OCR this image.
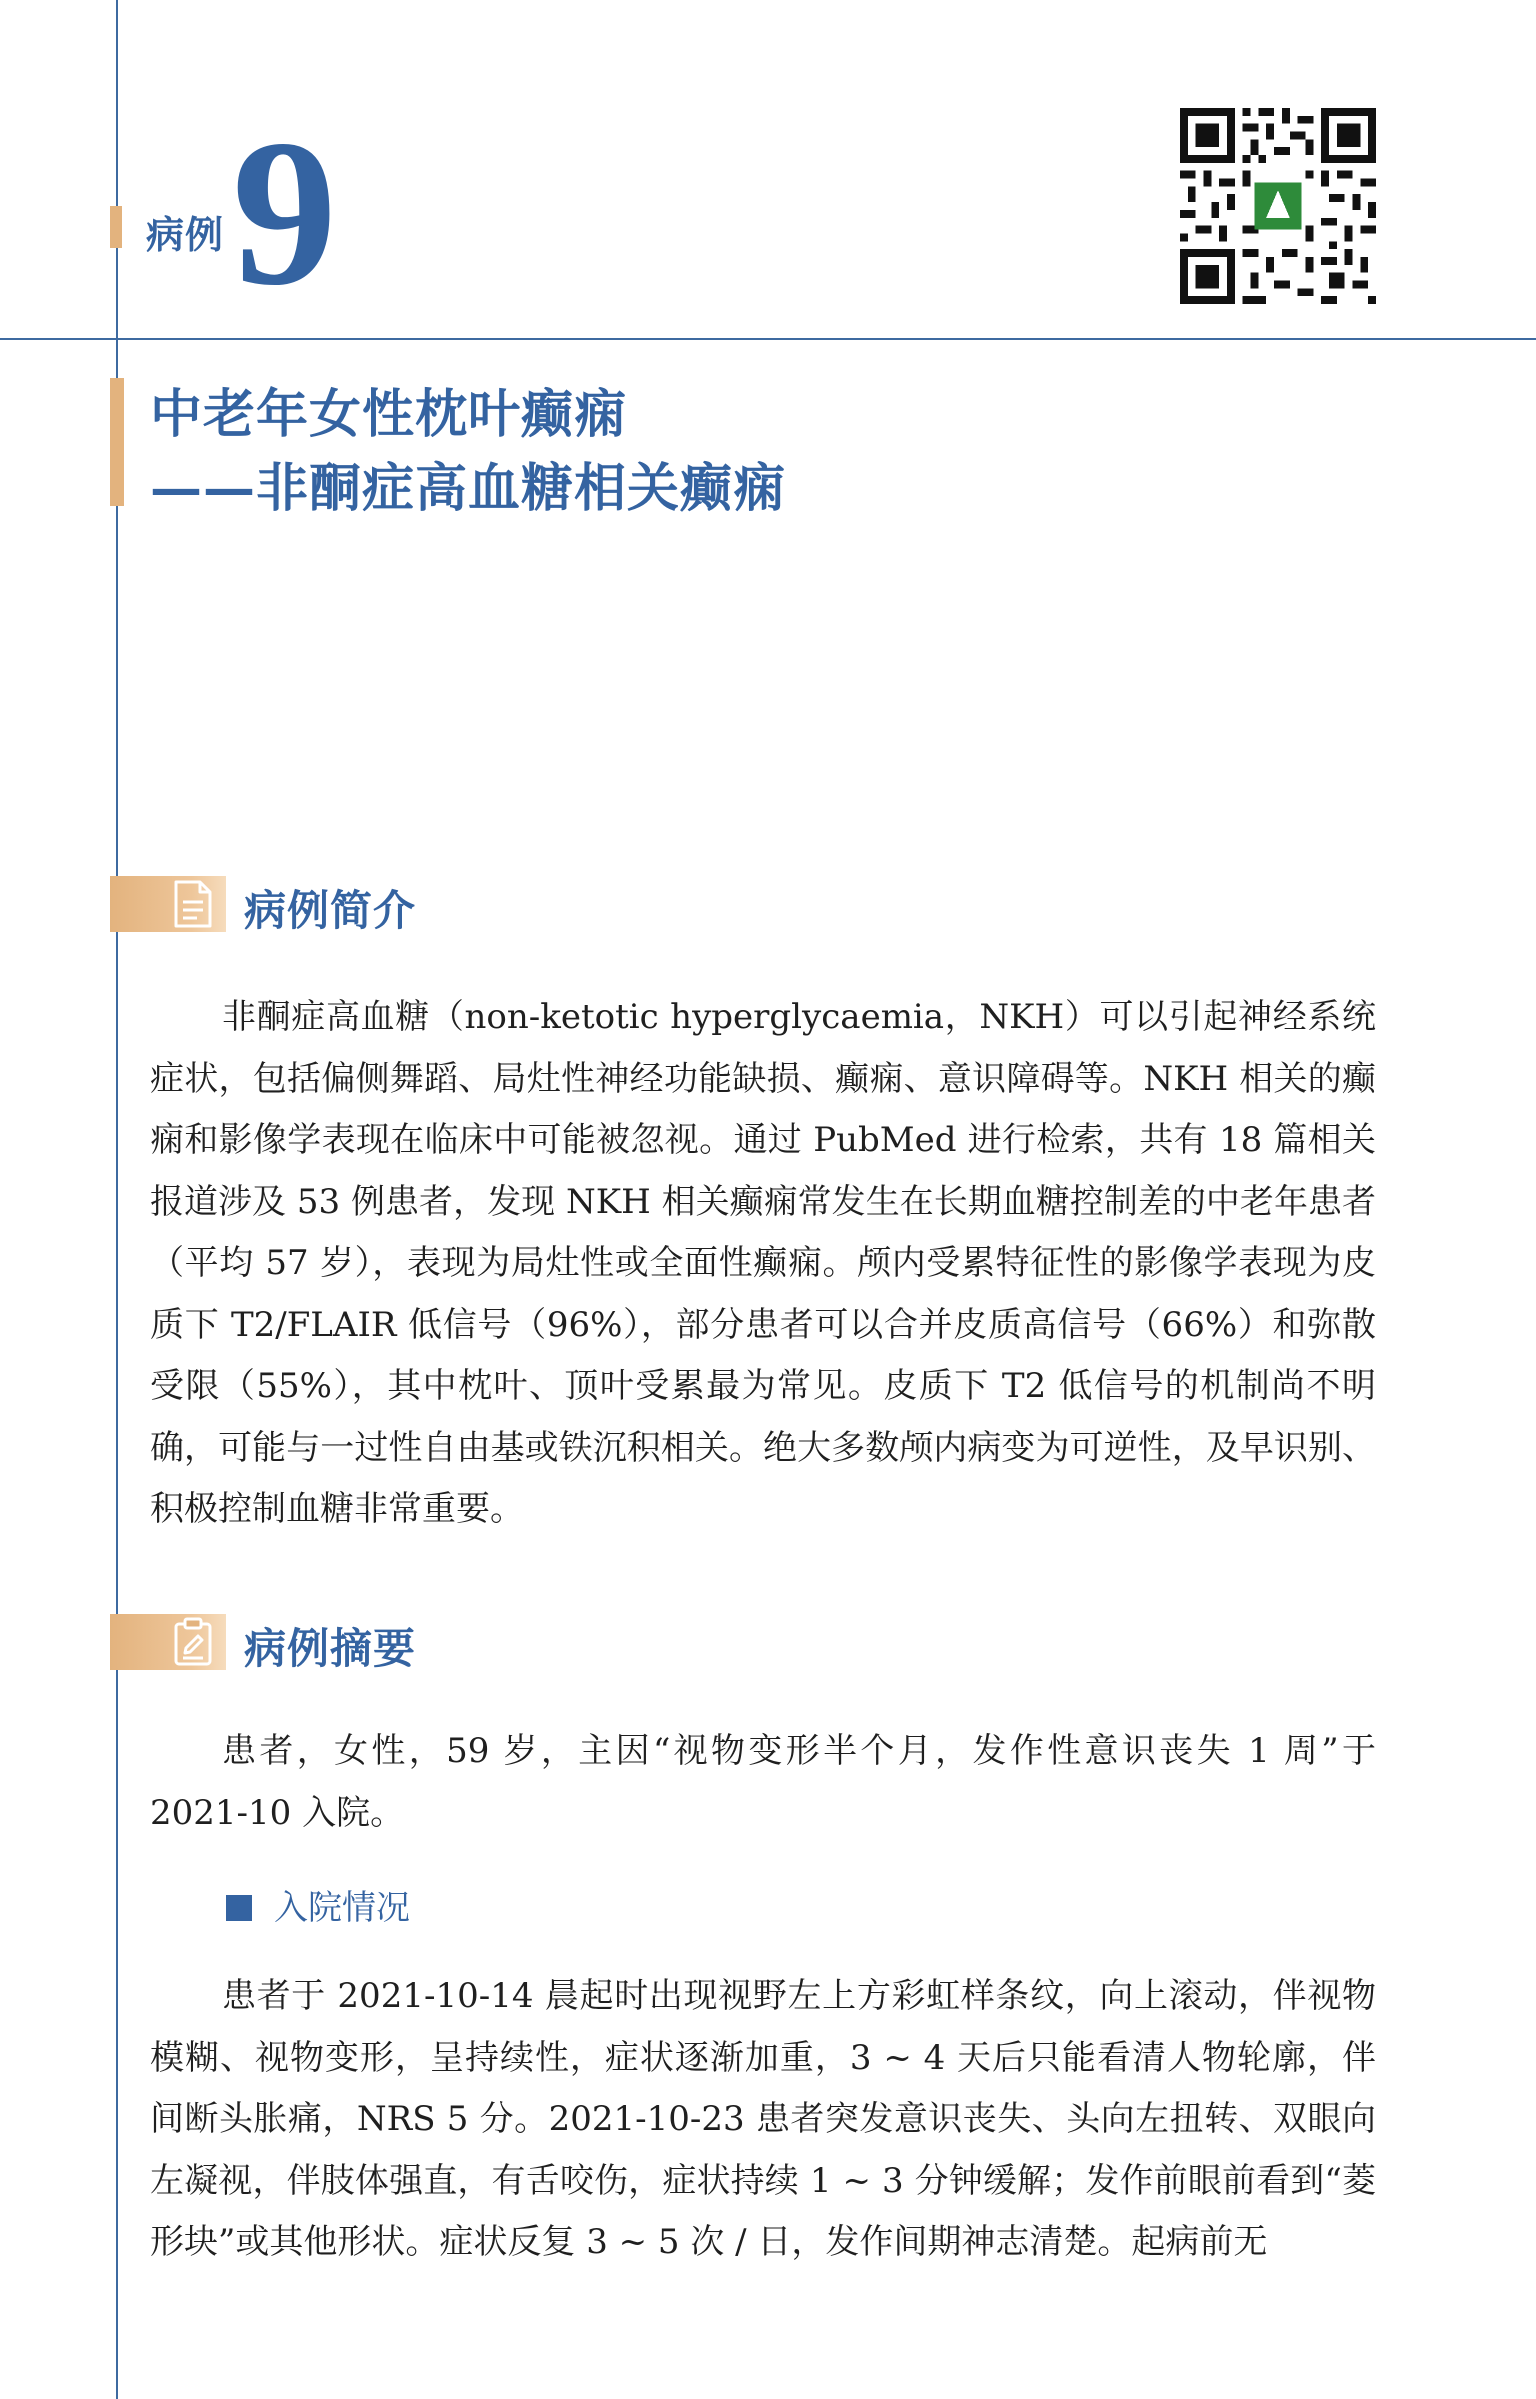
病例 9
中老年女性枕叶癫痫
——非酮症高血糖相关癫痫
病例简介

非酮症高血糖（non-ketotic hyperglycaemia，NKH）可以引起神经系统症状，包括偏侧舞蹈、局灶性神经功能缺损、癫痫、意识障碍等。NKH 相关的癫痫和影像学表现在临床中可能被忽视。通过 PubMed 进行检索，共有 18 篇相关报道涉及 53 例患者，发现 NKH 相关癫痫常发生在长期血糖控制差的中老年患者（平均 57 岁），表现为局灶性或全面性癫痫。颅内受累特征性的影像学表现为皮质下 T2/FLAIR 低信号（96%），部分患者可以合并皮质高信号（66%）和弥散受限（55%），其中枕叶、顶叶受累最为常见。皮质下 T2 低信号的机制尚不明确，可能与一过性自由基或铁沉积相关。绝大多数颅内病变为可逆性，及早识别、积极控制血糖非常重要。

病例摘要

患者，女性，59 岁，主因“视物变形半个月，发作性意识丧失 1 周”于 2021-10 入院。

入院情况

患者于 2021-10-14 晨起时出现视野左上方彩虹样条纹，向上滚动，伴视物模糊、视物变形，呈持续性，症状逐渐加重，3 ~ 4 天后只能看清人物轮廓，伴间断头胀痛，NRS 5 分。2021-10-23 患者突发意识丧失、头向左扭转、双眼向左凝视，伴肢体强直，有舌咬伤，症状持续 1 ~ 3 分钟缓解；发作前眼前看到“菱形块”或其他形状。症状反复 3 ~ 5 次 / 日，发作间期神志清楚。起病前无
